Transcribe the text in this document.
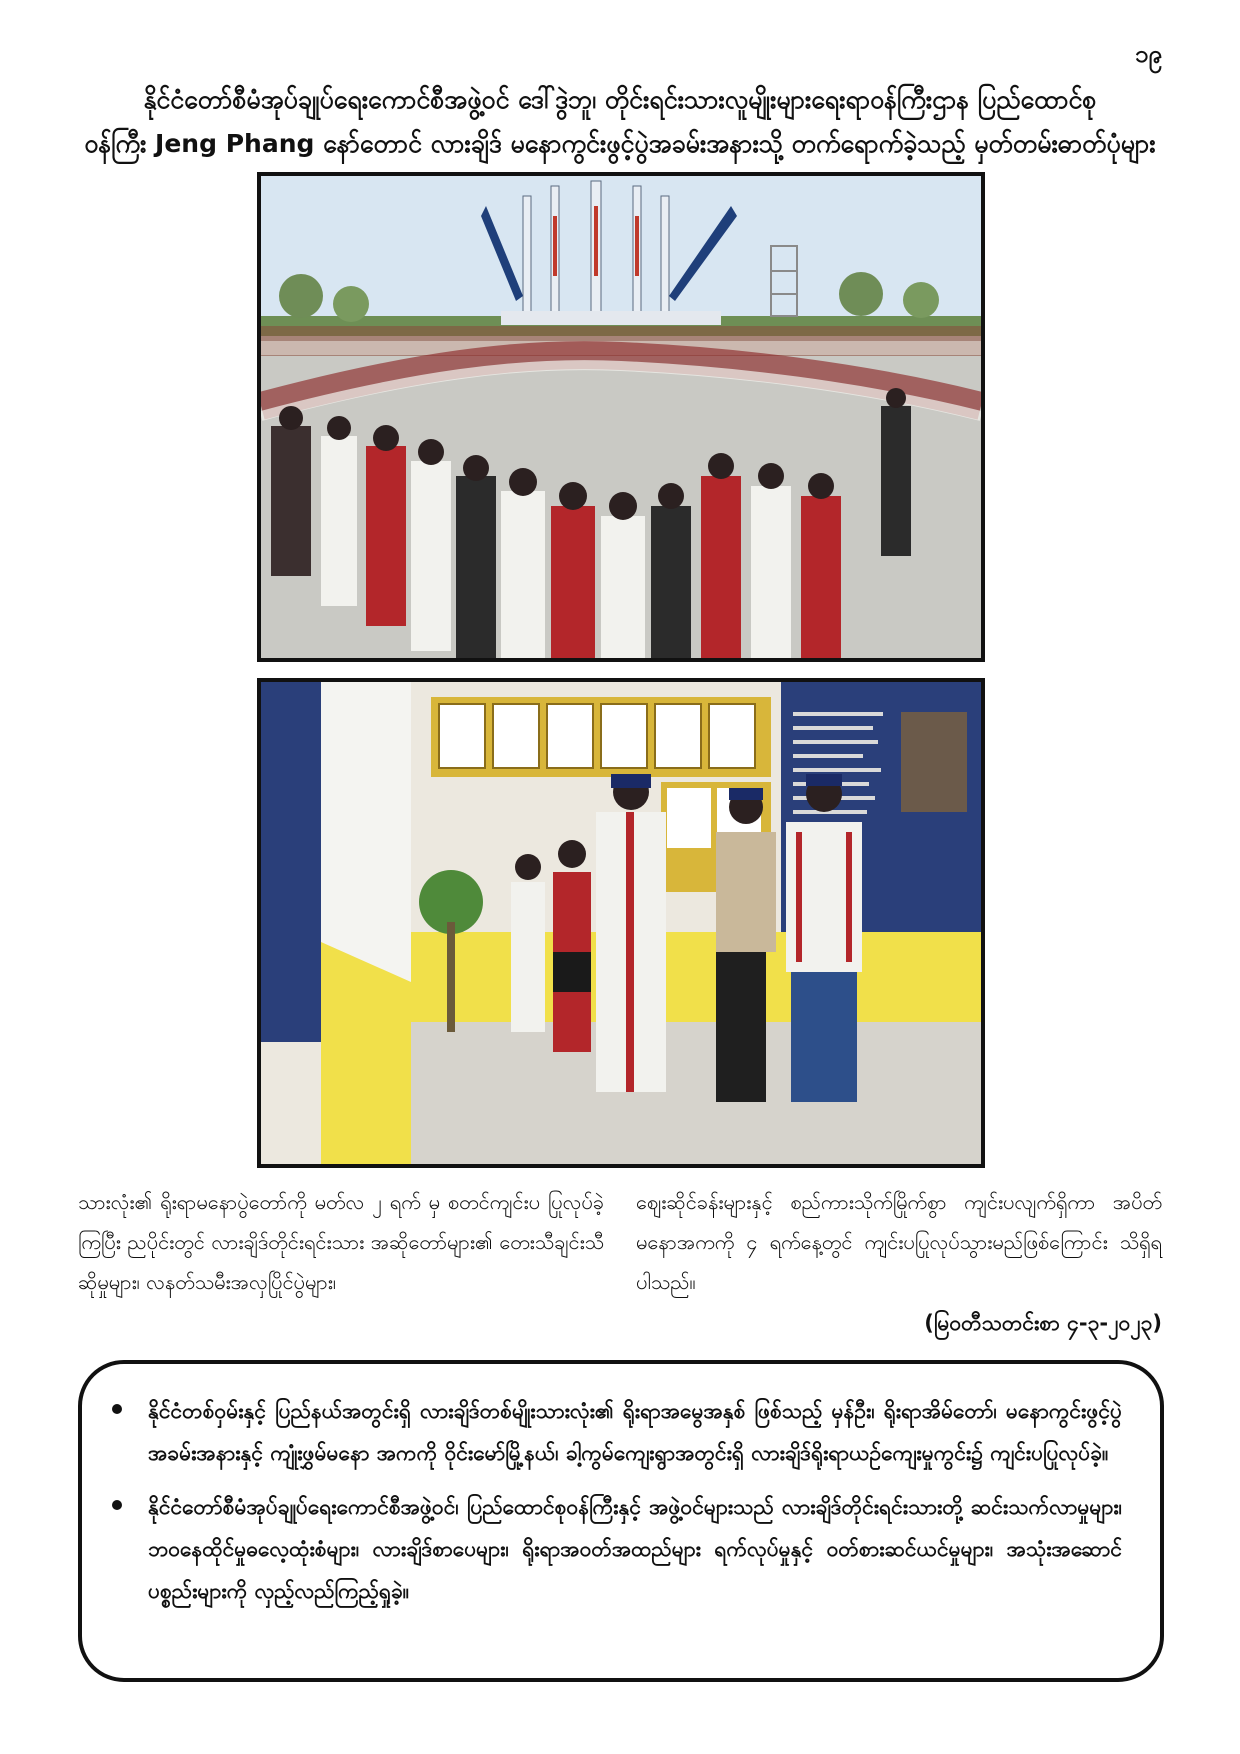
၁၉
နိုင်ငံတော်စီမံအုပ်ချုပ်ရေးကောင်စီအဖွဲ့ဝင် ဒေါ်ဒွဲဘူ၊ တိုင်းရင်းသားလူမျိုးများရေးရာဝန်ကြီးဌာန ပြည်ထောင်စု
ဝန်ကြီး Jeng Phang နော်တောင် လားချိဒ် မနောကွင်းဖွင့်ပွဲအခမ်းအနားသို့ တက်ရောက်ခဲ့သည့် မှတ်တမ်းဓာတ်ပုံများ
သားလုံး၏ ရိုးရာမနောပွဲတော်ကို မတ်လ ၂ ရက် မှ စတင်ကျင်းပ ပြုလုပ်ခဲ့ကြပြီး ညပိုင်းတွင် လားချိဒ်တိုင်းရင်းသား အဆိုတော်များ၏ တေးသီချင်းသီဆိုမှုများ၊ လနတ်သမီးအလှပြိုင်ပွဲများ၊
စျေးဆိုင်ခန်းများနှင့် စည်ကားသိုက်မြိုက်စွာ ကျင်းပလျက်ရှိကာ အပိတ်မနောအကကို ၄ ရက်နေ့တွင် ကျင်းပပြုလုပ်သွားမည်ဖြစ်ကြောင်း သိရှိရပါသည်။
(မြဝတီသတင်းစာ ၄-၃-၂၀၂၃)
နိုင်ငံတစ်ဝှမ်းနှင့် ပြည်နယ်အတွင်းရှိ လားချိဒ်တစ်မျိုးသားလုံး၏ ရိုးရာအမွေအနှစ် ဖြစ်သည့် မှန်ဦး၊ ရိုးရာအိမ်တော်၊ မနောကွင်းဖွင့်ပွဲအခမ်းအနားနှင့် ကျုံးဖွှမ်မနော အကကို ဝိုင်းမော်မြို့နယ်၊ ခါ့ကွမ်ကျေးရွာအတွင်းရှိ လားချိဒ်ရိုးရာယဉ်ကျေးမှုကွင်း၌ ကျင်းပပြုလုပ်ခဲ့။
နိုင်ငံတော်စီမံအုပ်ချုပ်ရေးကောင်စီအဖွဲ့ဝင်၊ ပြည်ထောင်စုဝန်ကြီးနှင့် အဖွဲ့ဝင်များသည် လားချိဒ်တိုင်းရင်းသားတို့ ဆင်းသက်လာမှုများ၊ ဘဝနေထိုင်မှုဓလေ့ထုံးစံများ၊ လားချိဒ်စာပေများ၊ ရိုးရာအဝတ်အထည်များ ရက်လုပ်မှုနှင့် ဝတ်စားဆင်ယင်မှုများ၊ အသုံးအဆောင်ပစ္စည်းများကို လှည့်လည်ကြည့်ရှုခဲ့။
